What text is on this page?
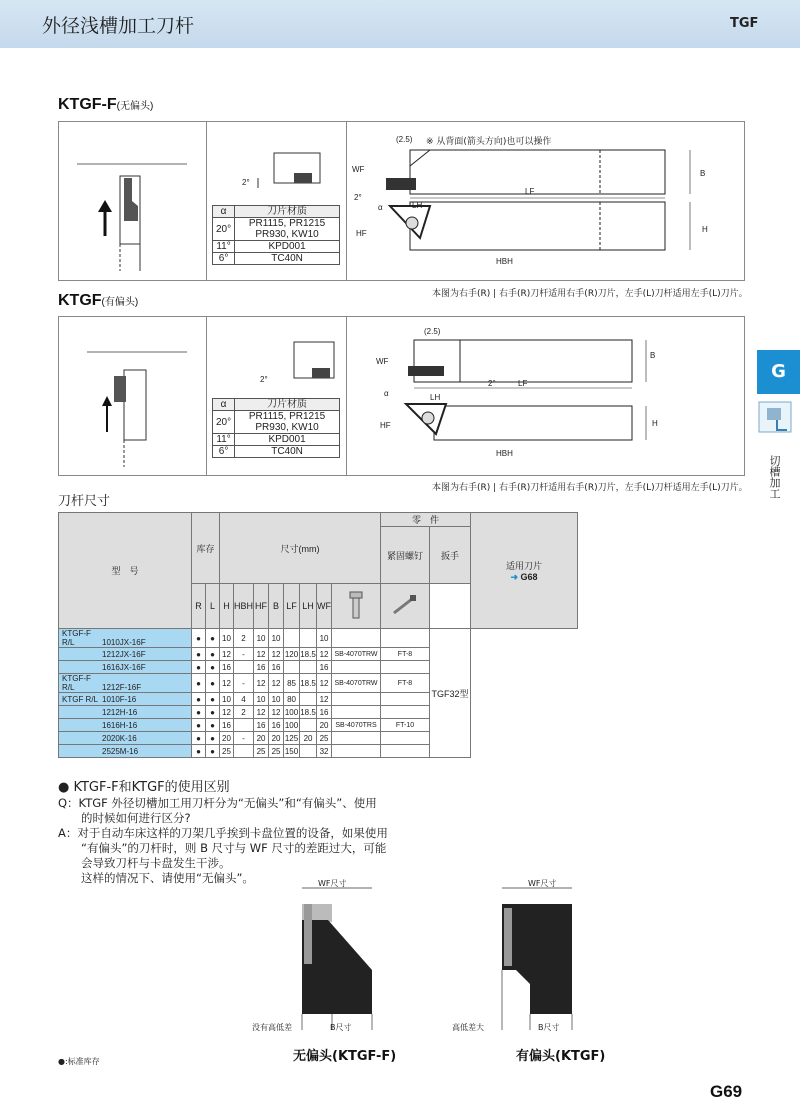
外径浅槽加工刀杆	TGF
G
切槽加工
KTGF-F(无偏头)
2°
α	刀片材质
20°	PR1115, PR1215 PR930, KW10
11°	KPD001
6°	TC40N
※ 从背面(箭头方向)也可以操作
(2.5)
WF	B
LF
2°
α	LH
HF	H
HBH
本图为右手(R) | 右手(R)刀杆适用右手(R)刀片，左手(L)刀杆适用左手(L)刀片。
KTGF(有偏头)
2°
α	刀片材质
20°	PR1115, PR1215 PR930, KW10
11°	KPD001
6°	TC40N
(2.5)
WF
B
LF
2°
α	LH
HF	H
HBH
本图为右手(R) | 右手(R)刀杆适用右手(R)刀片，左手(L)刀杆适用左手(L)刀片。
刀杆尺寸
型　号	库存		尺寸(mm)								零　件		适用刀片
➜ G68

											紧固螺钉	扳手	
	R	L	H	HBH	HF	B	LF	LH	WF		
KTGF-F R/L 1010JX-16F	●	●	10	2	10	10			10			TGF32型	
1212JX-16F	●	●	12	-	12	12	120	18.5	12	SB-4070TRW	FT-8		
1616JX-16F	●	●	16		16	16			16				
KTGF-F R/L 1212F-16F	●	●	12	-	12	12	85	18.5	12	SB-4070TRW	FT-8		
KTGF R/L 1010F-16	●	●	10	4	10	10	80		12				
1212H-16	●	●	12	2	12	12	100	18.5	16				
1616H-16	●	●	16		16	16	100		20	SB-4070TRS	FT-10		
2020K-16	●	●	20	-	20	20	125	20	25				
2525M-16	●	●	25		25	25	150		32				
● KTGF-F和KTGF的使用区别
Q：KTGF 外径切槽加工用刀杆分为“无偏头”和“有偏头”、使用
　　的时候如何进行区分?
A：对于自动车床这样的刀架几乎挨到卡盘位置的设备，如果使用
　　“有偏头”的刀杆时，则 B 尺寸与 WF 尺寸的差距过大，可能
　　会导致刀杆与卡盘发生干涉。
　　这样的情况下、请使用“无偏头”。	WF尺寸
没有高低差	B尺寸
无偏头(KTGF-F)
WF尺寸
高低差大	B尺寸
有偏头(KTGF)
●:标准库存
G69
